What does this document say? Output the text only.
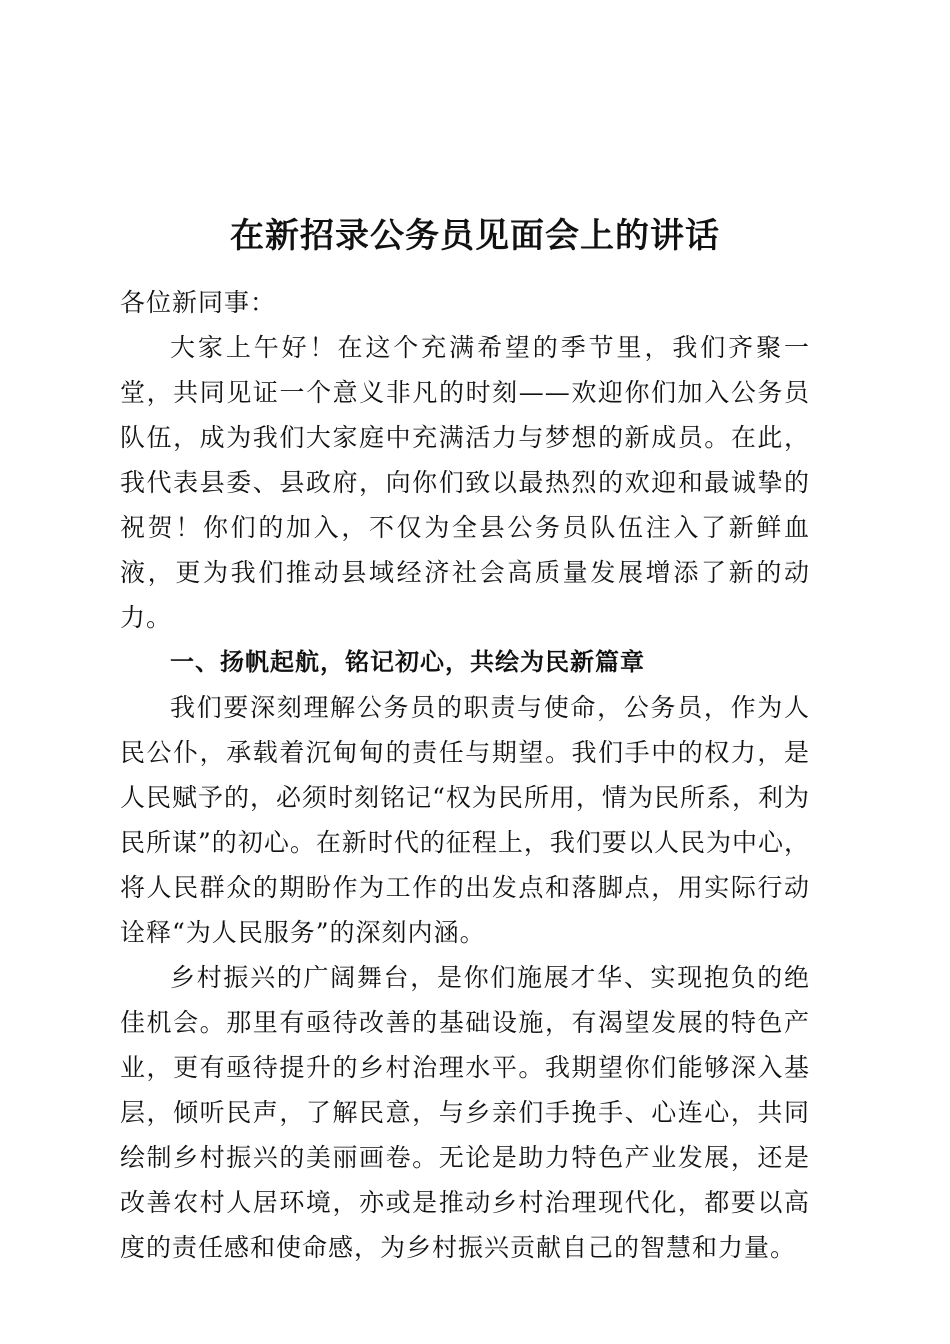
在新招录公务员见面会上的讲话

各位新同事：

大家上午好！在这个充满希望的季节里，我们齐聚一堂，共同见证一个意义非凡的时刻——欢迎你们加入公务员队伍，成为我们大家庭中充满活力与梦想的新成员。在此，我代表县委、县政府，向你们致以最热烈的欢迎和最诚挚的祝贺！你们的加入，不仅为全县公务员队伍注入了新鲜血液，更为我们推动县域经济社会高质量发展增添了新的动力。

一、扬帆起航，铭记初心，共绘为民新篇章

我们要深刻理解公务员的职责与使命，公务员，作为人民公仆，承载着沉甸甸的责任与期望。我们手中的权力，是人民赋予的，必须时刻铭记“权为民所用，情为民所系，利为民所谋”的初心。在新时代的征程上，我们要以人民为中心，将人民群众的期盼作为工作的出发点和落脚点，用实际行动诠释“为人民服务”的深刻内涵。

乡村振兴的广阔舞台，是你们施展才华、实现抱负的绝佳机会。那里有亟待改善的基础设施，有渴望发展的特色产业，更有亟待提升的乡村治理水平。我期望你们能够深入基层，倾听民声，了解民意，与乡亲们手挽手、心连心，共同绘制乡村振兴的美丽画卷。无论是助力特色产业发展，还是改善农村人居环境，亦或是推动乡村治理现代化，都要以高度的责任感和使命感，为乡村振兴贡献自己的智慧和力量。
